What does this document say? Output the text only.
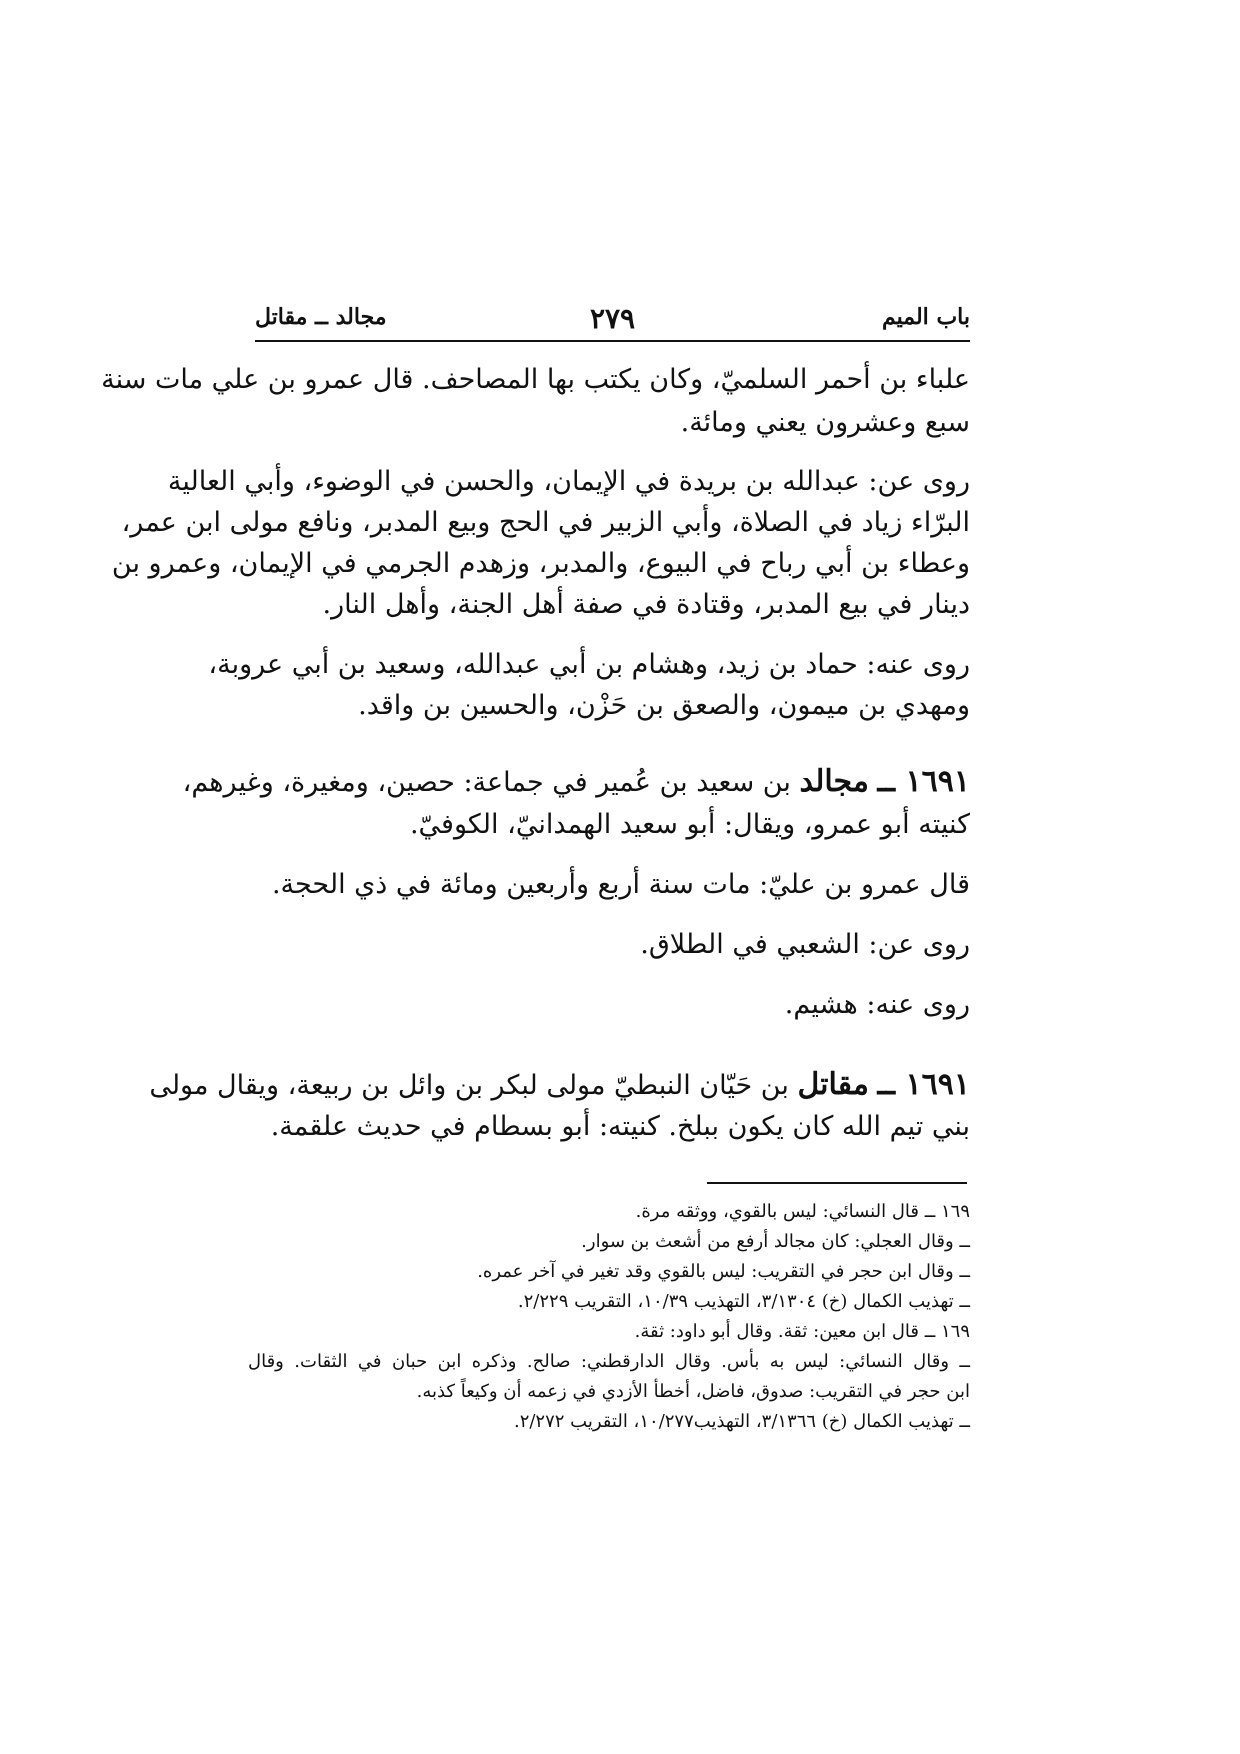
باب الميم
٢٧٩
مجالد ــ مقاتل
علباء بن أحمر السلميّ، وكان يكتب بها المصاحف. قال عمرو بن علي مات سنة
سبع وعشرون يعني ومائة.
روى عن: عبدالله بن بريدة في الإيمان، والحسن في الوضوء، وأبي العالية
البرّاء زياد في الصلاة، وأبي الزبير في الحج وبيع المدبر، ونافع مولى ابن عمر،
وعطاء بن أبي رباح في البيوع، والمدبر، وزهدم الجرمي في الإيمان، وعمرو بن
دينار في بيع المدبر، وقتادة في صفة أهل الجنة، وأهل النار.
روى عنه: حماد بن زيد، وهشام بن أبي عبدالله، وسعيد بن أبي عروبة،
ومهدي بن ميمون، والصعق بن حَزْن، والحسين بن واقد.
١٦٩١ ــ مجالد بن سعيد بن عُمير في جماعة: حصين، ومغيرة، وغيرهم،
كنيته أبو عمرو، ويقال: أبو سعيد الهمدانيّ، الكوفيّ.
قال عمرو بن عليّ: مات سنة أربع وأربعين ومائة في ذي الحجة.
روى عن: الشعبي في الطلاق.
روى عنه: هشيم.
١٦٩١ ــ مقاتل بن حَيّان النبطيّ مولى لبكر بن وائل بن ربيعة، ويقال مولى
بني تيم الله كان يكون ببلخ. كنيته: أبو بسطام في حديث علقمة.
١٦٩ ــ قال النسائي: ليس بالقوي، ووثقه مرة.
ــ وقال العجلي: كان مجالد أرفع من أشعث بن سوار.
ــ وقال ابن حجر في التقريب: ليس بالقوي وقد تغير في آخر عمره.
ــ تهذيب الكمال (خ) ٣/١٣٠٤، التهذيب ١٠/٣٩، التقريب ٢/٢٢٩.
١٦٩ ــ قال ابن معين: ثقة. وقال أبو داود: ثقة.
ــ وقال النسائي: ليس به بأس. وقال الدارقطني: صالح. وذكره ابن حبان في الثقات. وقال
ابن حجر في التقريب: صدوق، فاضل، أخطأ الأزدي في زعمه أن وكيعاً كذبه.
ــ تهذيب الكمال (خ) ٣/١٣٦٦، التهذيب١٠/٢٧٧، التقريب ٢/٢٧٢.
